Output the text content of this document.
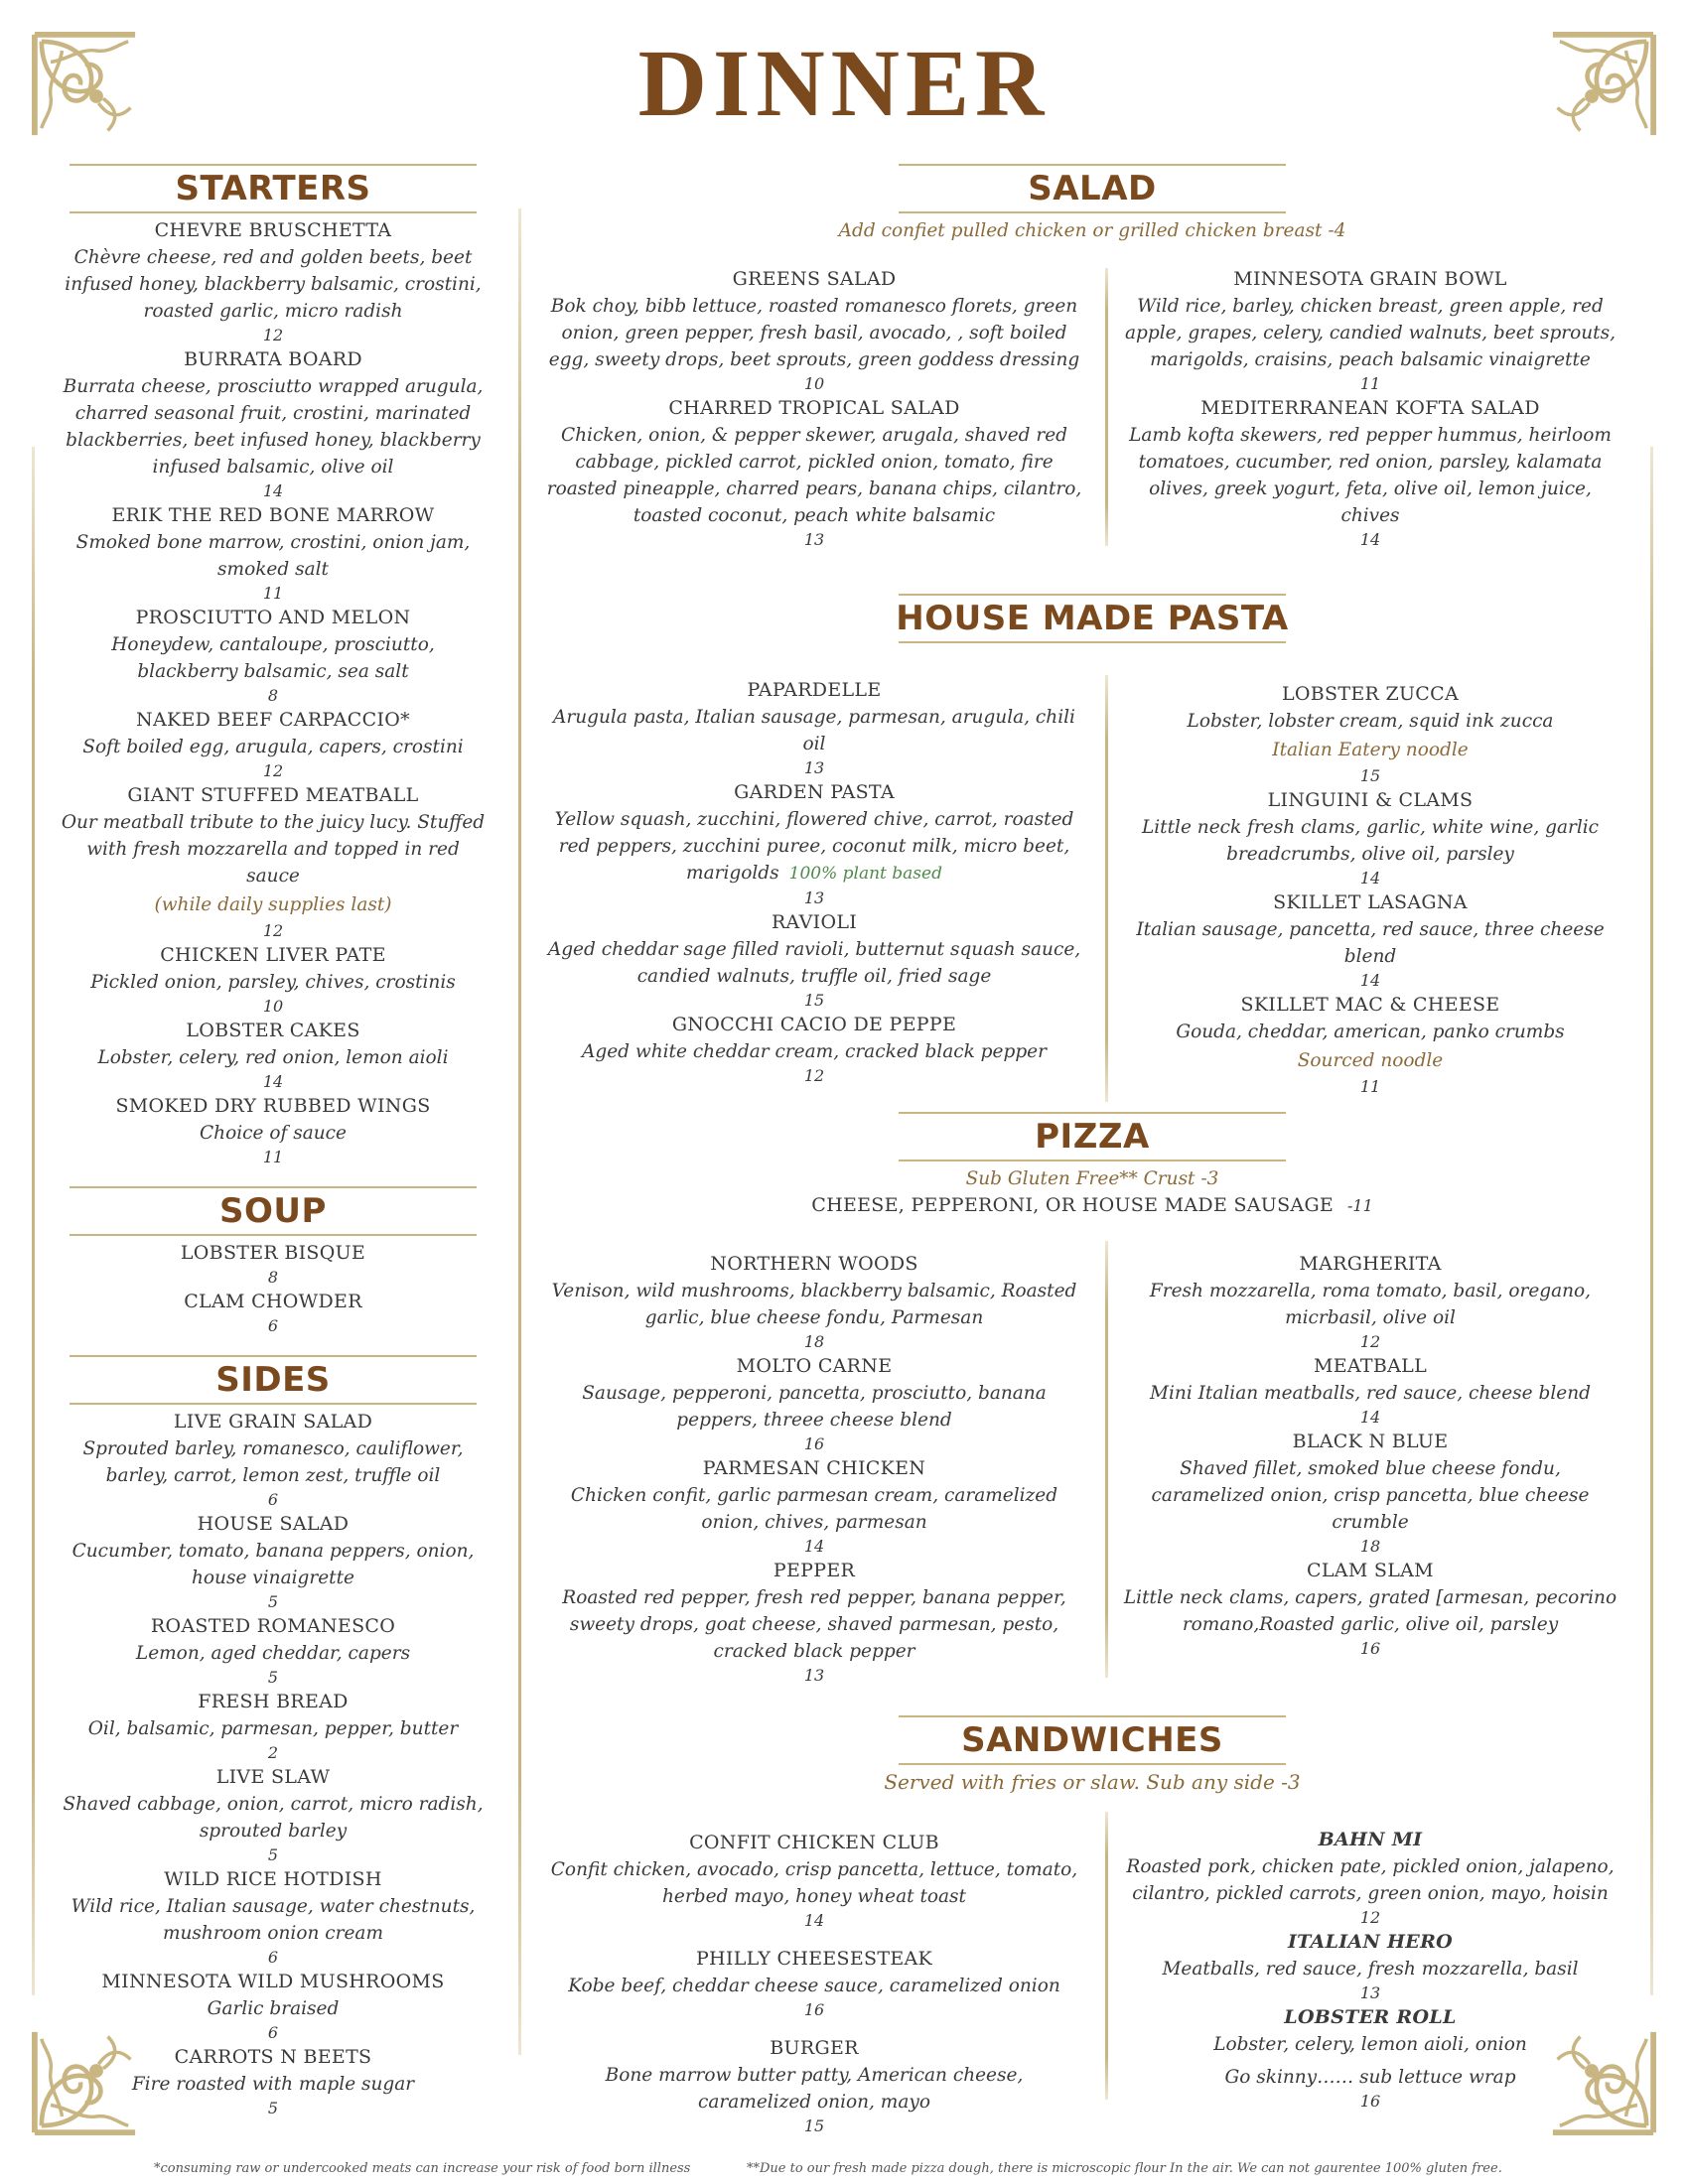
DINNER
STARTERS
CHEVRE BRUSCHETTA
Chèvre cheese, red and golden beets, beet infused honey, blackberry balsamic, crostini, roasted garlic, micro radish
12
BURRATA BOARD
Burrata cheese, prosciutto wrapped arugula, charred seasonal fruit, crostini, marinated blackberries, beet infused honey, blackberry infused balsamic, olive oil
14
ERIK THE RED BONE MARROW
Smoked bone marrow, crostini, onion jam, smoked salt
11
PROSCIUTTO AND MELON
Honeydew, cantaloupe, prosciutto, blackberry balsamic, sea salt
8
NAKED BEEF CARPACCIO*
Soft boiled egg, arugula, capers, crostini
12
GIANT STUFFED MEATBALL
Our meatball tribute to the juicy lucy. Stuffed with fresh mozzarella and topped in red sauce
(while daily supplies last)
12
CHICKEN LIVER PATE
Pickled onion, parsley, chives, crostinis
10
LOBSTER CAKES
Lobster, celery, red onion, lemon aioli
14
SMOKED DRY RUBBED WINGS
Choice of sauce
11
SOUP
LOBSTER BISQUE
8
CLAM CHOWDER
6
SIDES
LIVE GRAIN SALAD
Sprouted barley, romanesco, cauliflower, barley, carrot, lemon zest, truffle oil
6
HOUSE SALAD
Cucumber, tomato, banana peppers, onion, house vinaigrette
5
ROASTED ROMANESCO
Lemon, aged cheddar, capers
5
FRESH BREAD
Oil, balsamic, parmesan, pepper, butter
2
LIVE SLAW
Shaved cabbage, onion, carrot, micro radish, sprouted barley
5
WILD RICE HOTDISH
Wild rice, Italian sausage, water chestnuts, mushroom onion cream
6
MINNESOTA WILD MUSHROOMS
Garlic braised
6
CARROTS N BEETS
Fire roasted with maple sugar
5
SALAD
Add confiet pulled chicken or grilled chicken breast -4
GREENS SALAD
Bok choy, bibb lettuce, roasted romanesco florets, green onion, green pepper, fresh basil, avocado, , soft boiled egg, sweety drops, beet sprouts, green goddess dressing
10
CHARRED TROPICAL SALAD
Chicken, onion, & pepper skewer, arugala, shaved red cabbage, pickled carrot, pickled onion, tomato, fire roasted pineapple, charred pears, banana chips, cilantro, toasted coconut, peach white balsamic
13
MINNESOTA GRAIN BOWL
Wild rice, barley, chicken breast, green apple, red apple, grapes, celery, candied walnuts, beet sprouts, marigolds, craisins, peach balsamic vinaigrette
11
MEDITERRANEAN KOFTA SALAD
Lamb kofta skewers, red pepper hummus, heirloom tomatoes, cucumber, red onion, parsley, kalamata olives, greek yogurt, feta, olive oil, lemon juice, chives
14
HOUSE MADE PASTA
PAPARDELLE
Arugula pasta, Italian sausage, parmesan, arugula, chili oil
13
GARDEN PASTA
Yellow squash, zucchini, flowered chive, carrot, roasted red peppers, zucchini puree, coconut milk, micro beet, marigolds 100% plant based
13
RAVIOLI
Aged cheddar sage filled ravioli, butternut squash sauce, candied walnuts, truffle oil, fried sage
15
GNOCCHI CACIO DE PEPPE
Aged white cheddar cream, cracked black pepper
12
LOBSTER ZUCCA
Lobster, lobster cream, squid ink zucca
Italian Eatery noodle
15
LINGUINI & CLAMS
Little neck fresh clams, garlic, white wine, garlic breadcrumbs, olive oil, parsley
14
SKILLET LASAGNA
Italian sausage, pancetta, red sauce, three cheese blend
14
SKILLET MAC & CHEESE
Gouda, cheddar, american, panko crumbs
Sourced noodle
11
PIZZA
Sub Gluten Free** Crust -3
CHEESE, PEPPERONI, OR HOUSE MADE SAUSAGE -11
NORTHERN WOODS
Venison, wild mushrooms, blackberry balsamic, Roasted garlic, blue cheese fondu, Parmesan
18
MOLTO CARNE
Sausage, pepperoni, pancetta, prosciutto, banana peppers, threee cheese blend
16
PARMESAN CHICKEN
Chicken confit, garlic parmesan cream, caramelized onion, chives, parmesan
14
PEPPER
Roasted red pepper, fresh red pepper, banana pepper, sweety drops, goat cheese, shaved parmesan, pesto, cracked black pepper
13
MARGHERITA
Fresh mozzarella, roma tomato, basil, oregano, micrbasil, olive oil
12
MEATBALL
Mini Italian meatballs, red sauce, cheese blend
14
BLACK N BLUE
Shaved fillet, smoked blue cheese fondu, caramelized onion, crisp pancetta, blue cheese crumble
18
CLAM SLAM
Little neck clams, capers, grated [armesan, pecorino romano,Roasted garlic, olive oil, parsley
16
SANDWICHES
Served with fries or slaw. Sub any side -3
CONFIT CHICKEN CLUB
Confit chicken, avocado, crisp pancetta, lettuce, tomato, herbed mayo, honey wheat toast
14
PHILLY CHEESESTEAK
Kobe beef, cheddar cheese sauce, caramelized onion
16
BURGER
Bone marrow butter patty, American cheese, caramelized onion, mayo
15
BAHN MI
Roasted pork, chicken pate, pickled onion, jalapeno, cilantro, pickled carrots, green onion, mayo, hoisin
12
ITALIAN HERO
Meatballs, red sauce, fresh mozzarella, basil
13
LOBSTER ROLL
Lobster, celery, lemon aioli, onion
Go skinny…… sub lettuce wrap
16
*consuming raw or undercooked meats can increase your risk of food born illness	**Due to our fresh made pizza dough, there is microscopic flour In the air. We can not gaurentee 100% gluten free.
